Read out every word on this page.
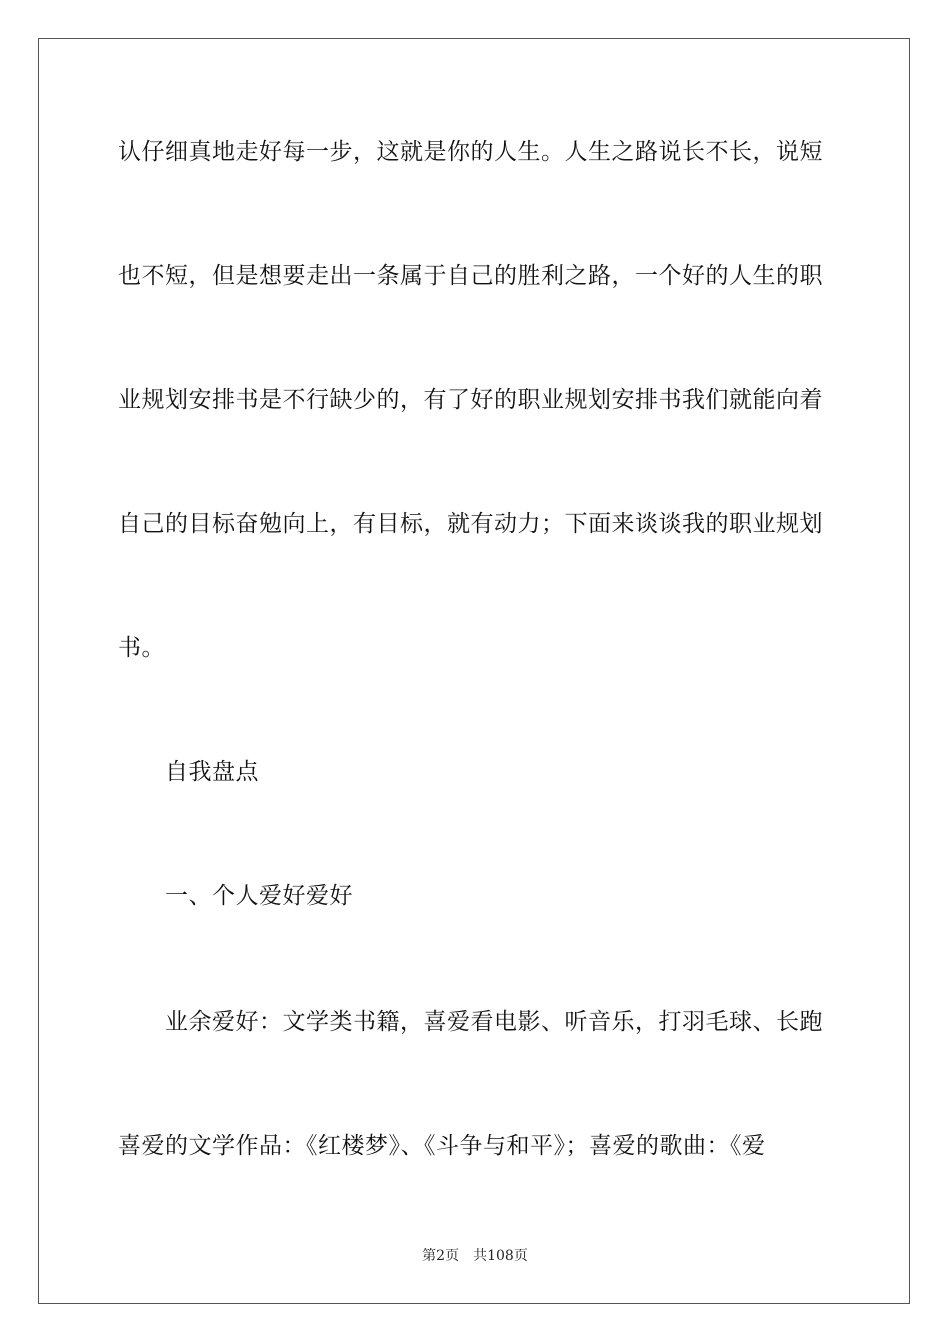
认仔细真地走好每一步，这就是你的人生。人生之路说长不长，说短
也不短，但是想要走出一条属于自己的胜利之路，一个好的人生的职
业规划安排书是不行缺少的，有了好的职业规划安排书我们就能向着
自己的目标奋勉向上，有目标，就有动力；下面来谈谈我的职业规划
书。
自我盘点
一、个人爱好爱好
业余爱好：文学类书籍，喜爱看电影、听音乐，打羽毛球、长跑
喜爱的文学作品：《红楼梦》、《斗争与和平》；喜爱的歌曲：《爱
第2页 共108页
